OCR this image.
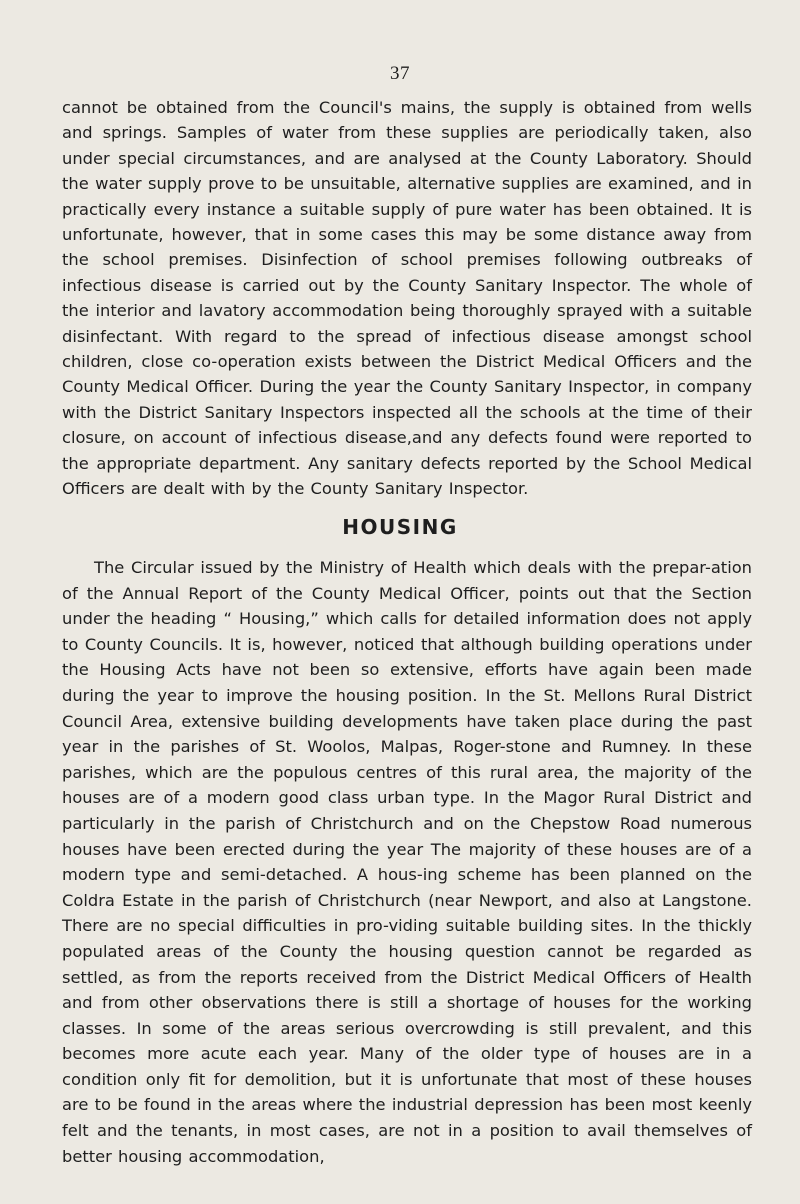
37

cannot be obtained from the Council's mains, the supply is obtained from wells and springs. Samples of water from these supplies are periodically taken, also under special circumstances, and are analysed at the County Laboratory. Should the water supply prove to be unsuitable, alternative supplies are examined, and in practically every instance a suitable supply of pure water has been obtained. It is unfortunate, however, that in some cases this may be some distance away from the school premises. Disinfection of school premises following outbreaks of infectious disease is carried out by the County Sanitary Inspector. The whole of the interior and lavatory accommodation being thoroughly sprayed with a suitable disinfectant. With regard to the spread of infectious disease amongst school children, close co-operation exists between the District Medical Officers and the County Medical Officer. During the year the County Sanitary Inspector, in company with the District Sanitary Inspectors inspected all the schools at the time of their closure, on account of infectious disease,and any defects found were reported to the appropriate department. Any sanitary defects reported by the School Medical Officers are dealt with by the County Sanitary Inspector.

HOUSING

The Circular issued by the Ministry of Health which deals with the prepar-ation of the Annual Report of the County Medical Officer, points out that the Section under the heading “ Housing,” which calls for detailed information does not apply to County Councils. It is, however, noticed that although building operations under the Housing Acts have not been so extensive, efforts have again been made during the year to improve the housing position. In the St. Mellons Rural District Council Area, extensive building developments have taken place during the past year in the parishes of St. Woolos, Malpas, Roger-stone and Rumney. In these parishes, which are the populous centres of this rural area, the majority of the houses are of a modern good class urban type. In the Magor Rural District and particularly in the parish of Christchurch and on the Chepstow Road numerous houses have been erected during the year The majority of these houses are of a modern type and semi-detached. A hous-ing scheme has been planned on the Coldra Estate in the parish of Christchurch (near Newport, and also at Langstone. There are no special difficulties in pro-viding suitable building sites. In the thickly populated areas of the County the housing question cannot be regarded as settled, as from the reports received from the District Medical Officers of Health and from other observations there is still a shortage of houses for the working classes. In some of the areas serious overcrowding is still prevalent, and this becomes more acute each year. Many of the older type of houses are in a condition only fit for demolition, but it is unfortunate that most of these houses are to be found in the areas where the industrial depression has been most keenly felt and the tenants, in most cases, are not in a position to avail themselves of better housing accommodation,
